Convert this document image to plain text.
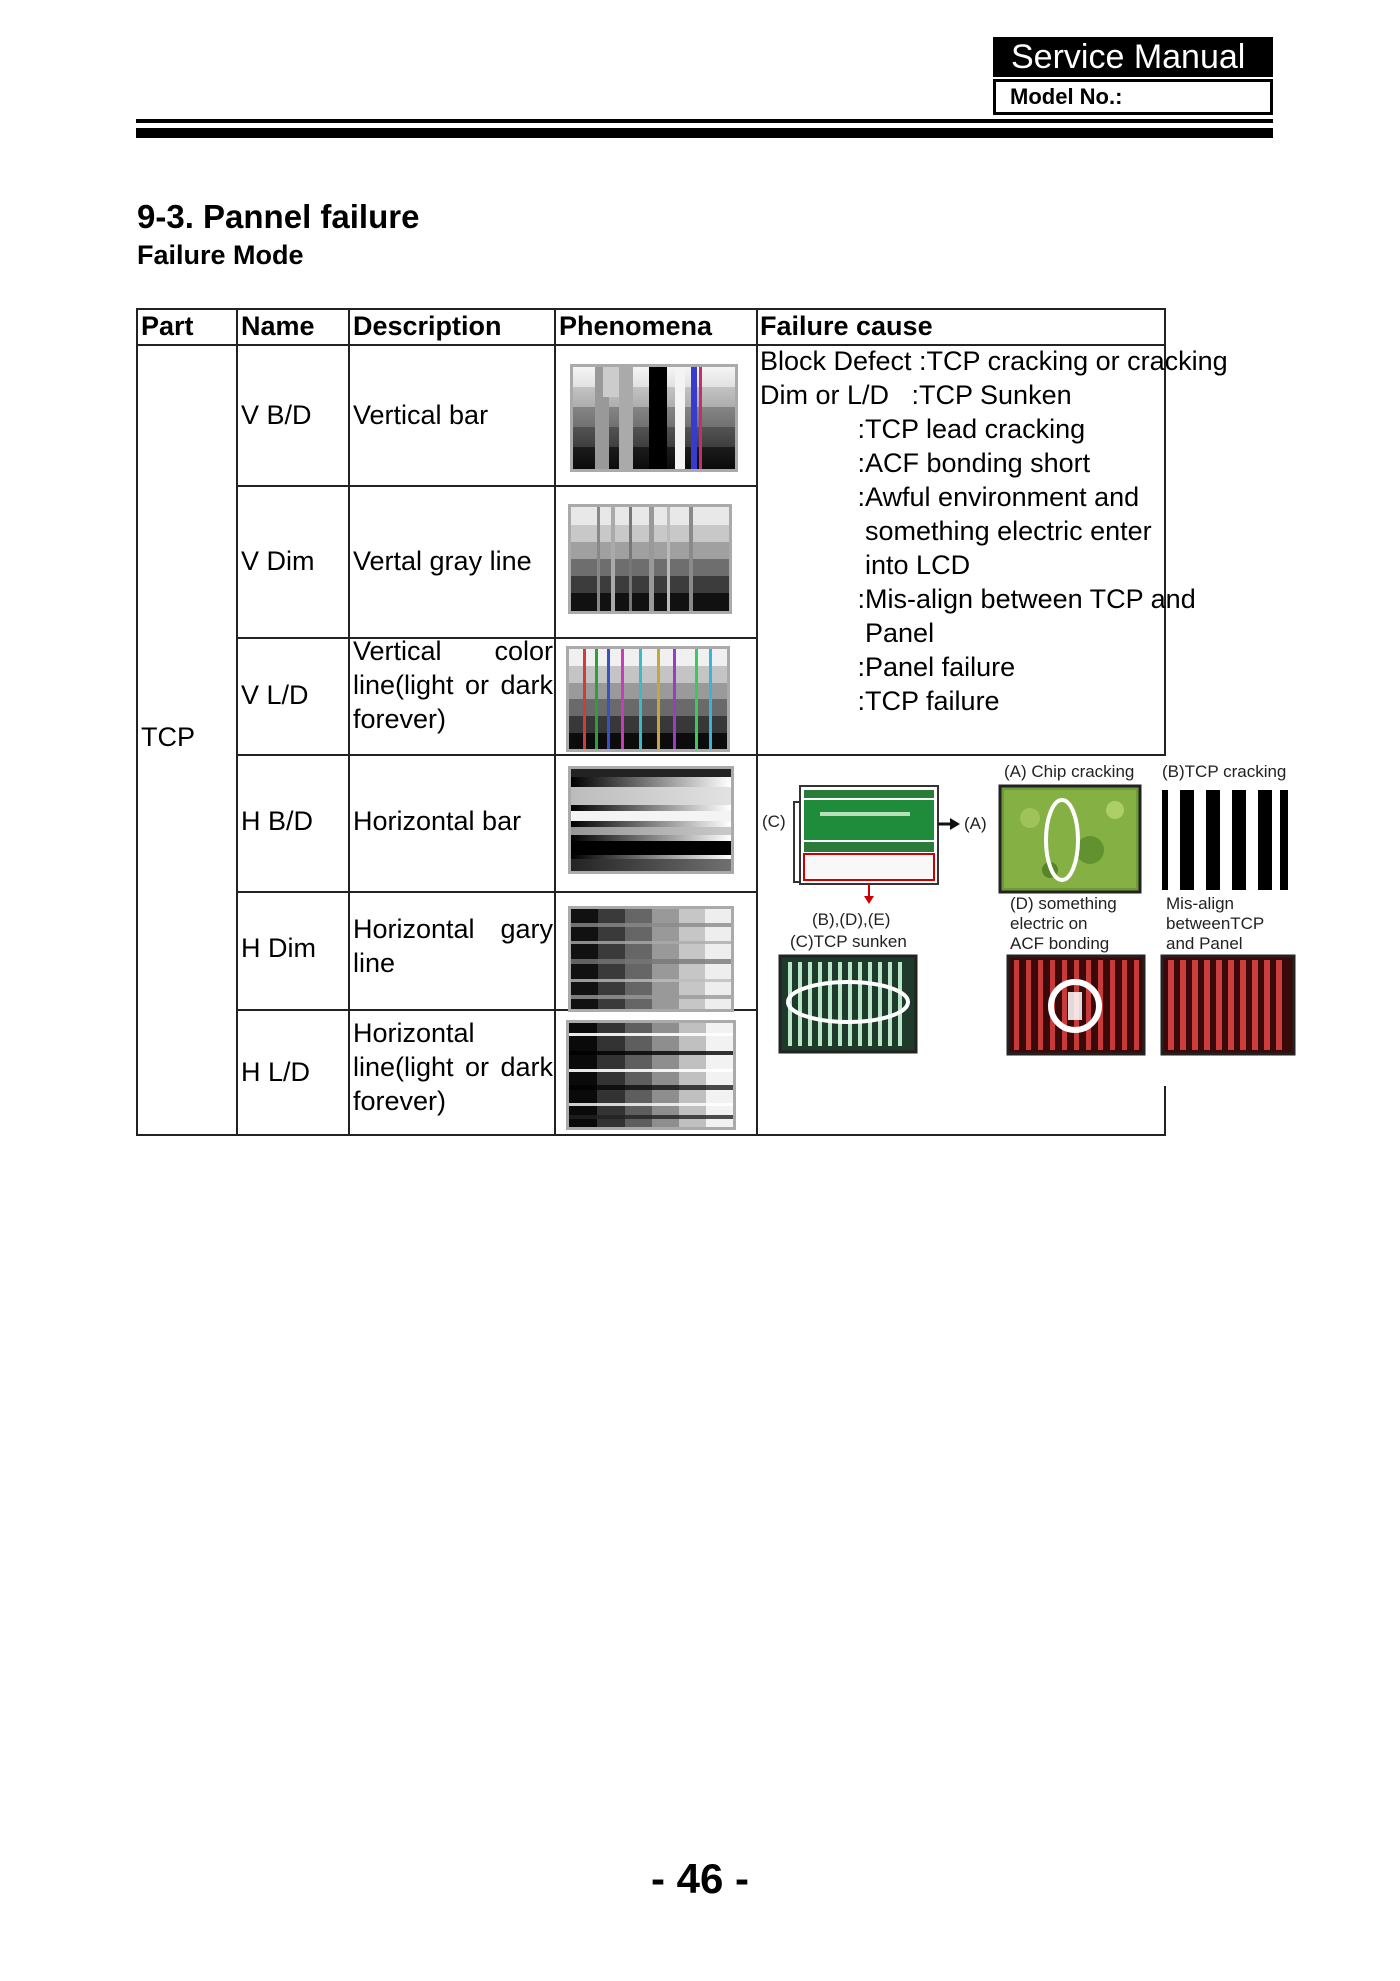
Service Manual
Model No.:
9-3. Pannel failure
Failure Mode
Part Name Description Phenomena Failure cause
TCP
V B/D
V Dim
V L/D
H B/D
H Dim
H L/D
Vertical bar
Vertal gray line
Vertical color line(light or dark forever)
Horizontal bar
Horizontal gary line
Horizontal line(light or dark forever)
Block Defect :TCP cracking or cracking
Dim or L/D   :TCP Sunken
:TCP lead cracking
:ACF bonding short
:Awful environment and
something electric enter
into LCD
:Mis-align between TCP and
Panel
:Panel failure
:TCP failure
(C)	(A)
(B),(D),(E)
(A) Chip cracking (B)TCP cracking
(C)TCP sunken
(D) something
electric on
ACF bonding
Mis-align
betweenTCP
and Panel
- 46 -
